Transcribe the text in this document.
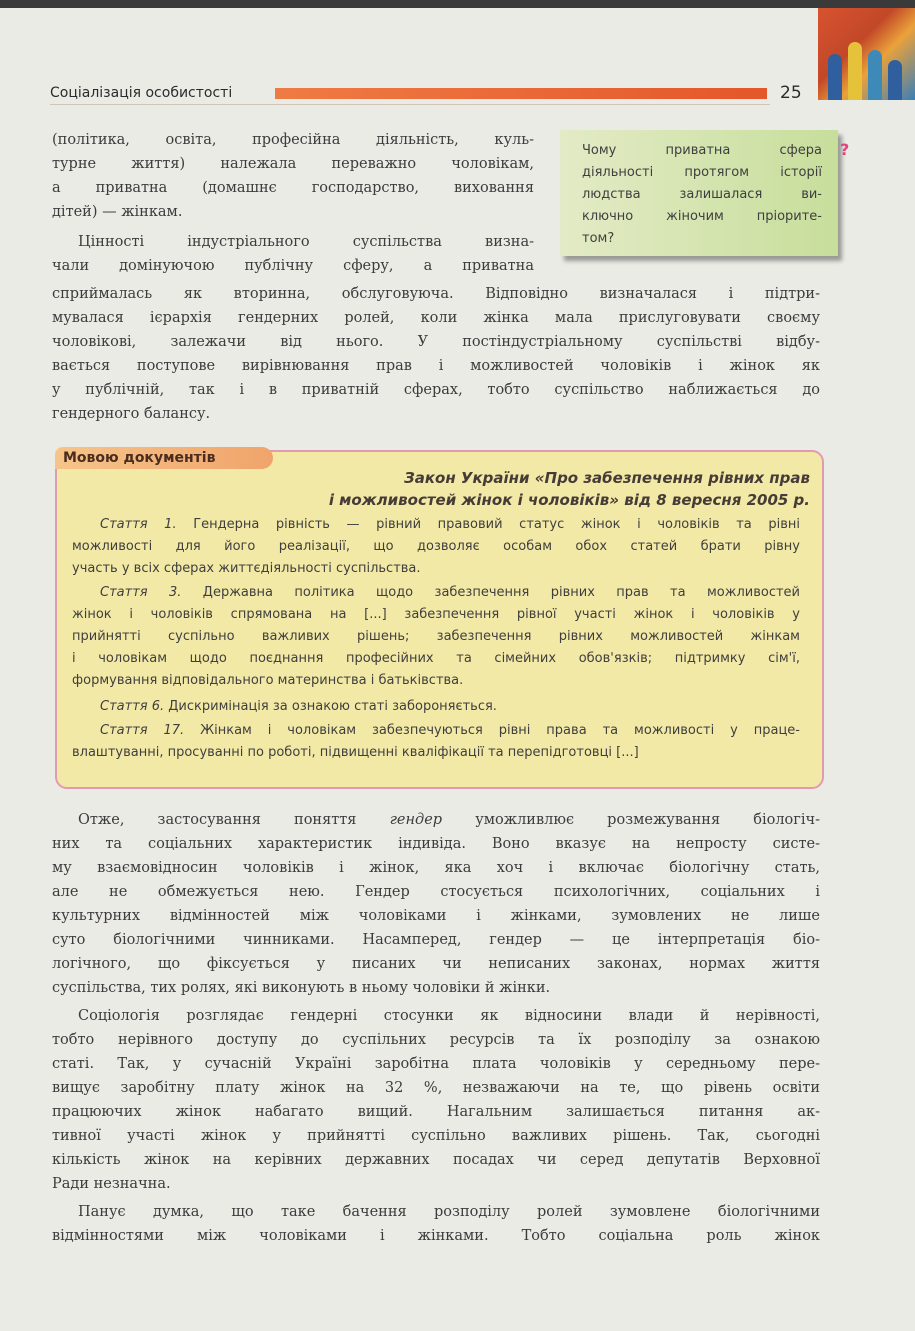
Соціалізація особистості	25

(політика, освіта, професійна діяльність, куль-

турне життя) належала переважно чоловікам,

а приватна (домашнє господарство, виховання

дітей) — жінкам.

Цінності індустріального суспільства визна-

чали домінуючою публічну сферу, а приватна

Чому приватна сфера
діяльності протягом історії
людства залишалася ви-
ключно жіночим пріорите-
том?
?

сприймалась як вторинна, обслуговуюча. Відповідно визначалася і підтри-

мувалася ієрархія гендерних ролей, коли жінка мала прислуговувати своєму

чоловікові, залежачи від нього. У постіндустріальному суспільстві відбу-

вається поступове вирівнювання прав і можливостей чоловіків і жінок як

у публічній, так і в приватній сферах, тобто суспільство наближається до

гендерного балансу.

Мовою документів
Закон України «Про забезпечення рівних прав
і можливостей жінок і чоловіків» від 8 вересня 2005 р.
Стаття 1. Гендерна рівність — рівний правовий статус жінок і чоловіків та рівні
можливості для його реалізації, що дозволяє особам обох статей брати рівну
участь у всіх сферах життєдіяльності суспільства.
Стаття 3. Державна політика щодо забезпечення рівних прав та можливостей
жінок і чоловіків спрямована на [...] забезпечення рівної участі жінок і чоловіків у
прийнятті суспільно важливих рішень; забезпечення рівних можливостей жінкам
і чоловікам щодо поєднання професійних та сімейних обов'язків; підтримку сім'ї,
формування відповідального материнства і батьківства.
Стаття 6. Дискримінація за ознакою статі забороняється.
Стаття 17. Жінкам і чоловікам забезпечуються рівні права та можливості у праце-
влаштуванні, просуванні по роботі, підвищенні кваліфікації та перепідготовці [...]

Отже, застосування поняття гендер уможливлює розмежування біологіч-

них та соціальних характеристик індивіда. Воно вказує на непросту систе-

му взаємовідносин чоловіків і жінок, яка хоч і включає біологічну стать,

але не обмежується нею. Гендер стосується психологічних, соціальних і

культурних відмінностей між чоловіками і жінками, зумовлених не лише

суто біологічними чинниками. Насамперед, гендер — це інтерпретація біо-

логічного, що фіксується у писаних чи неписаних законах, нормах життя

суспільства, тих ролях, які виконують в ньому чоловіки й жінки.

Соціологія розглядає гендерні стосунки як відносини влади й нерівності,

тобто нерівного доступу до суспільних ресурсів та їх розподілу за ознакою

статі. Так, у сучасній Україні заробітна плата чоловіків у середньому пере-

вищує заробітну плату жінок на 32 %, незважаючи на те, що рівень освіти

працюючих жінок набагато вищий. Нагальним залишається питання ак-

тивної участі жінок у прийнятті суспільно важливих рішень. Так, сьогодні

кількість жінок на керівних державних посадах чи серед депутатів Верховної

Ради незначна.

Панує думка, що таке бачення розподілу ролей зумовлене біологічними

відмінностями між чоловіками і жінками. Тобто соціальна роль жінок
